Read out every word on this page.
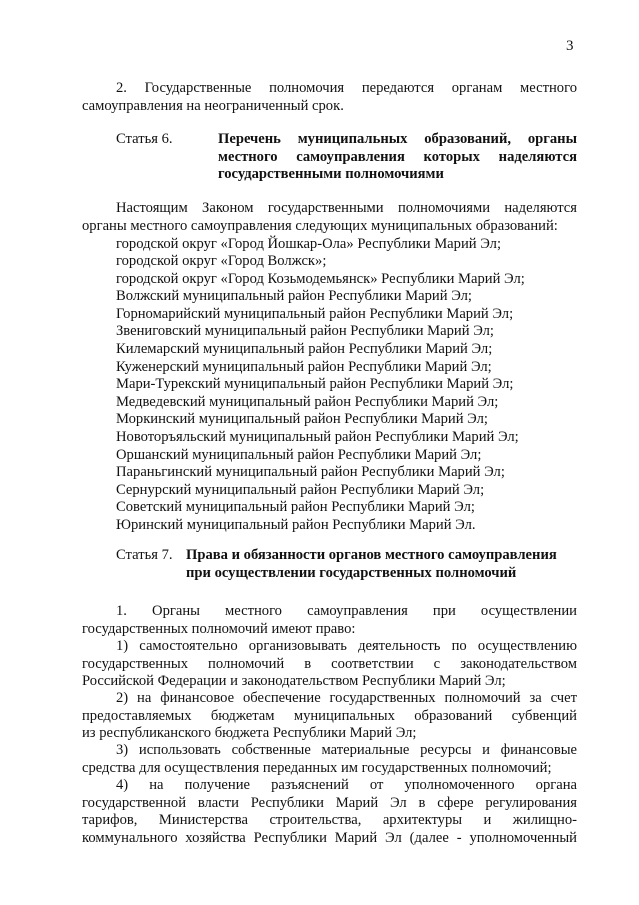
3

2. Государственные полномочия передаются органам местного

самоуправления на неограниченный срок.

Статья 6.	Перечень муниципальных образований, органы

местного самоуправления которых наделяются

государственными полномочиями

Настоящим Законом государственными полномочиями наделяются

органы местного самоуправления следующих муниципальных образований:

городской округ «Город Йошкар-Ола» Республики Марий Эл;

городской округ «Город Волжск»;

городской округ «Город Козьмодемьянск» Республики Марий Эл;

Волжский муниципальный район Республики Марий Эл;

Горномарийский муниципальный район Республики Марий Эл;

Звениговский муниципальный район Республики Марий Эл;

Килемарский муниципальный район Республики Марий Эл;

Куженерский муниципальный район Республики Марий Эл;

Мари-Турекский муниципальный район Республики Марий Эл;

Медведевский муниципальный район Республики Марий Эл;

Моркинский муниципальный район Республики Марий Эл;

Новоторъяльский муниципальный район Республики Марий Эл;

Оршанский муниципальный район Республики Марий Эл;

Параньгинский муниципальный район Республики Марий Эл;

Сернурский муниципальный район Республики Марий Эл;

Советский муниципальный район Республики Марий Эл;

Юринский муниципальный район Республики Марий Эл.

Статья 7. Права и обязанности органов местного самоуправления

при осуществлении государственных полномочий

1. Органы местного самоуправления при осуществлении

государственных полномочий имеют право:

1) самостоятельно организовывать деятельность по осуществлению

государственных полномочий в соответствии с законодательством

Российской Федерации и законодательством Республики Марий Эл;

2) на финансовое обеспечение государственных полномочий за счет

предоставляемых бюджетам муниципальных образований субвенций

из республиканского бюджета Республики Марий Эл;

3) использовать собственные материальные ресурсы и финансовые

средства для осуществления переданных им государственных полномочий;

4) на получение разъяснений от уполномоченного органа

государственной власти Республики Марий Эл в сфере регулирования

тарифов, Министерства строительства, архитектуры и жилищно-

коммунального хозяйства Республики Марий Эл (далее - уполномоченный
